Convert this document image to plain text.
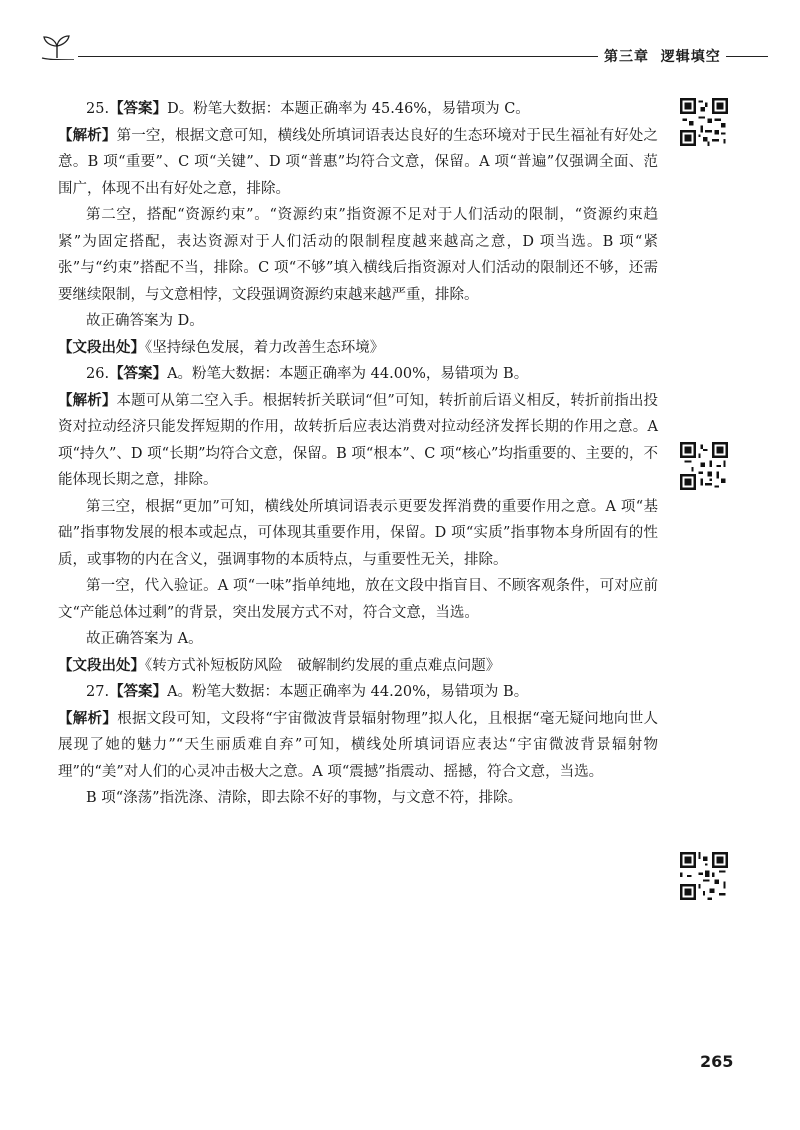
第三章 逻辑填空

25.【答案】D。粉笔大数据：本题正确率为 45.46%，易错项为 C。

【解析】第一空，根据文意可知，横线处所填词语表达良好的生态环境对于民生福祉有好处之意。B 项“重要”、C 项“关键”、D 项“普惠”均符合文意，保留。A 项“普遍”仅强调全面、范围广，体现不出有好处之意，排除。

第二空，搭配“资源约束”。“资源约束”指资源不足对于人们活动的限制，“资源约束趋紧”为固定搭配，表达资源对于人们活动的限制程度越来越高之意，D 项当选。B 项“紧张”与“约束”搭配不当，排除。C 项“不够”填入横线后指资源对人们活动的限制还不够，还需要继续限制，与文意相悖，文段强调资源约束越来越严重，排除。

故正确答案为 D。

【文段出处】《坚持绿色发展，着力改善生态环境》

26.【答案】A。粉笔大数据：本题正确率为 44.00%，易错项为 B。

【解析】本题可从第二空入手。根据转折关联词“但”可知，转折前后语义相反，转折前指出投资对拉动经济只能发挥短期的作用，故转折后应表达消费对拉动经济发挥长期的作用之意。A 项“持久”、D 项“长期”均符合文意，保留。B 项“根本”、C 项“核心”均指重要的、主要的，不能体现长期之意，排除。

第三空，根据“更加”可知，横线处所填词语表示更要发挥消费的重要作用之意。A 项“基础”指事物发展的根本或起点，可体现其重要作用，保留。D 项“实质”指事物本身所固有的性质，或事物的内在含义，强调事物的本质特点，与重要性无关，排除。

第一空，代入验证。A 项“一味”指单纯地，放在文段中指盲目、不顾客观条件，可对应前文“产能总体过剩”的背景，突出发展方式不对，符合文意，当选。

故正确答案为 A。

【文段出处】《转方式补短板防风险　破解制约发展的重点难点问题》

27.【答案】A。粉笔大数据：本题正确率为 44.20%，易错项为 B。

【解析】根据文段可知，文段将“宇宙微波背景辐射物理”拟人化，且根据“毫无疑问地向世人展现了她的魅力”“天生丽质难自弃”可知，横线处所填词语应表达“宇宙微波背景辐射物理”的“美”对人们的心灵冲击极大之意。A 项“震撼”指震动、摇撼，符合文意，当选。

B 项“涤荡”指洗涤、清除，即去除不好的事物，与文意不符，排除。

265
